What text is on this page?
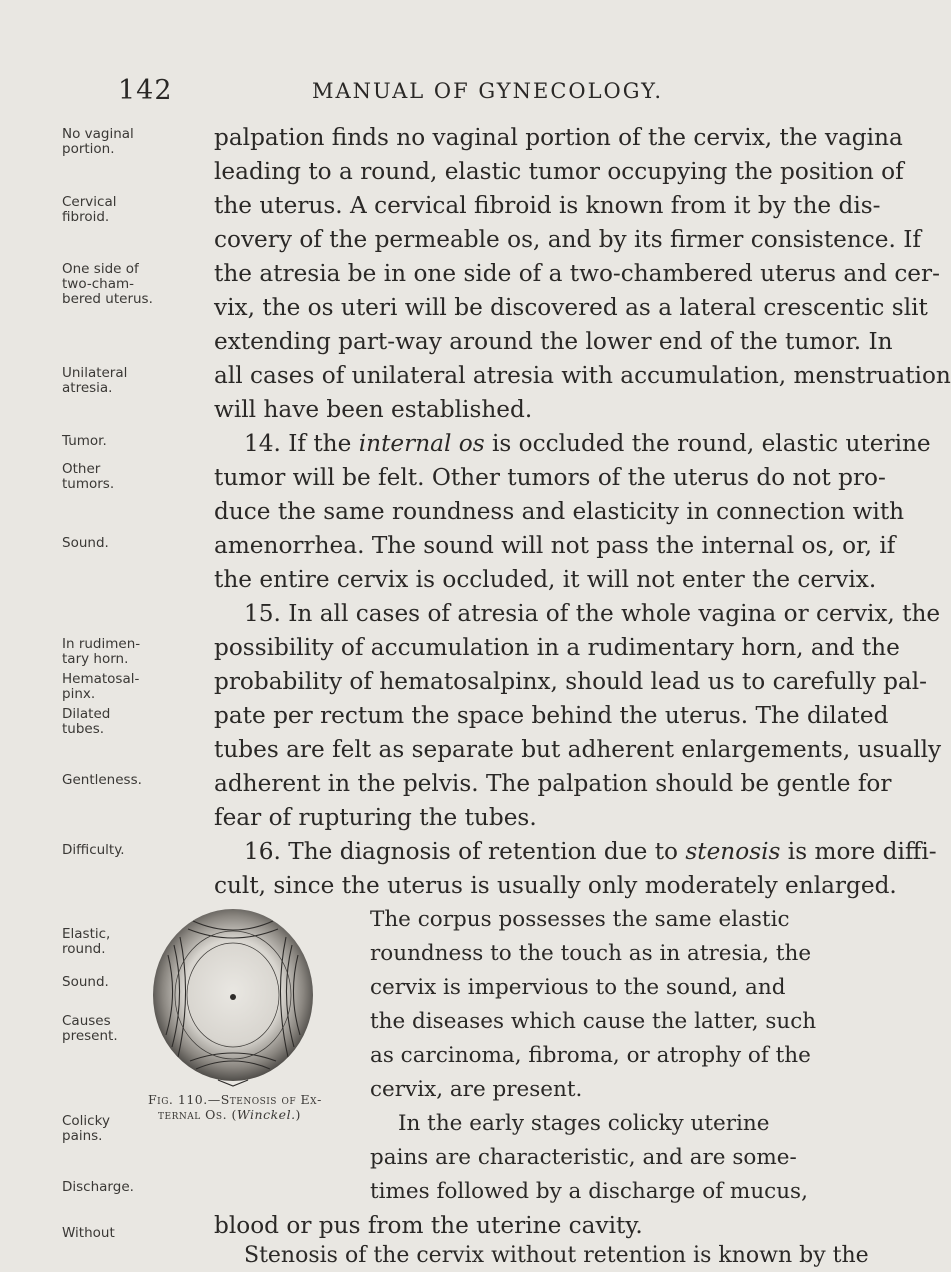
142	MANUAL OF GYNECOLOGY.
palpation finds no vaginal portion of the cervix, the vagina
leading to a round, elastic tumor occupying the position of
the uterus. A cervical fibroid is known from it by the dis-
covery of the permeable os, and by its firmer consistence. If
the atresia be in one side of a two-chambered uterus and cer-
vix, the os uteri will be discovered as a lateral crescentic slit
extending part-way around the lower end of the tumor. In
all cases of unilateral atresia with accumulation, menstruation
will have been established.
14. If the internal os is occluded the round, elastic uterine
tumor will be felt. Other tumors of the uterus do not pro-
duce the same roundness and elasticity in connection with
amenorrhea. The sound will not pass the internal os, or, if
the entire cervix is occluded, it will not enter the cervix.
15. In all cases of atresia of the whole vagina or cervix, the
possibility of accumulation in a rudimentary horn, and the
probability of hematosalpinx, should lead us to carefully pal-
pate per rectum the space behind the uterus. The dilated
tubes are felt as separate but adherent enlargements, usually
adherent in the pelvis. The palpation should be gentle for
fear of rupturing the tubes.
16. The diagnosis of retention due to stenosis is more diffi-
cult, since the uterus is usually only moderately enlarged.
The corpus possesses the same elastic
roundness to the touch as in atresia, the
cervix is impervious to the sound, and
the diseases which cause the latter, such
as carcinoma, fibroma, or atrophy of the
cervix, are present.
In the early stages colicky uterine
pains are characteristic, and are some-
times followed by a discharge of mucus,
blood or pus from the uterine cavity.
Stenosis of the cervix without retention is known by the
No vaginal
portion.
Cervical
fibroid.
One side of
two-cham-
bered uterus.
Unilateral
atresia.
Tumor.
Other
tumors.
Sound.
In rudimen-
tary horn.
Hematosal-
pinx.
Dilated
tubes.
Gentleness.
Difficulty.
Elastic,
round.
Sound.
Causes
present.
Colicky
pains.
Discharge.
Without
Fig. 110.—Stenosis of Ex-
ternal Os. (Winckel.)
